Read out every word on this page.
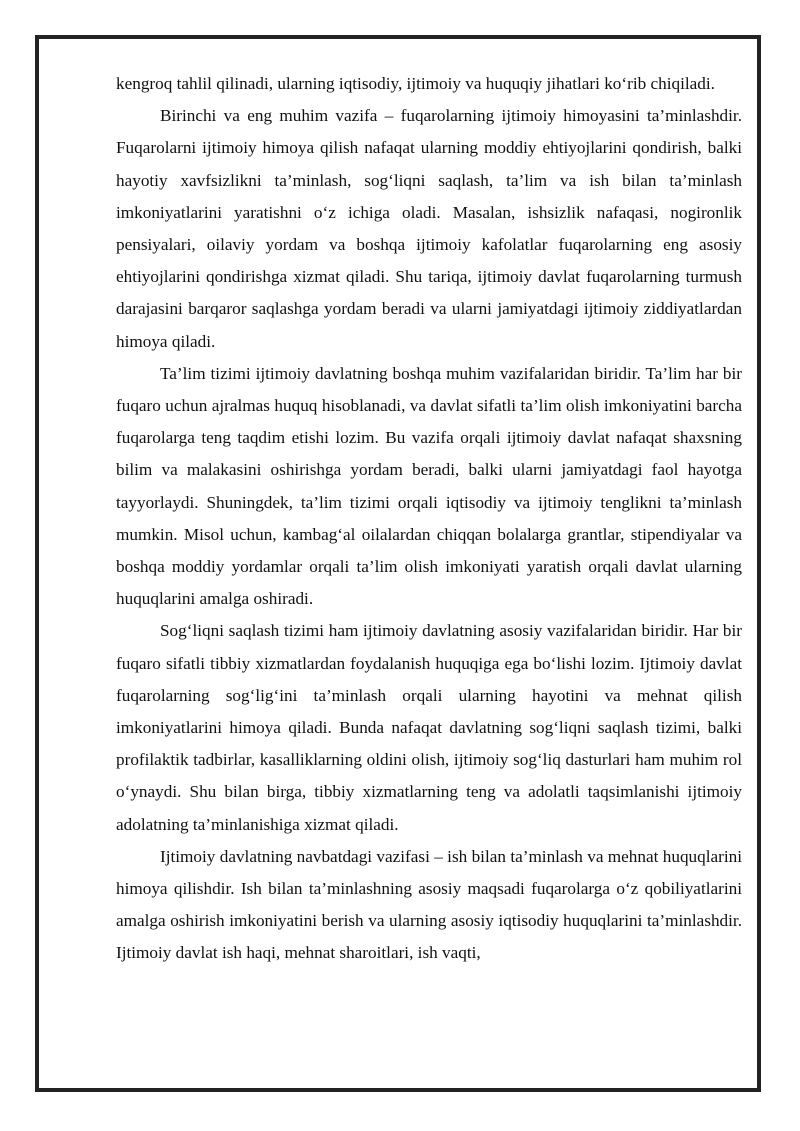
kengroq tahlil qilinadi, ularning iqtisodiy, ijtimoiy va huquqiy jihatlari ko‘rib chiqiladi.

Birinchi va eng muhim vazifa – fuqarolarning ijtimoiy himoyasini ta’minlashdir. Fuqarolarni ijtimoiy himoya qilish nafaqat ularning moddiy ehtiyojlarini qondirish, balki hayotiy xavfsizlikni ta’minlash, sog‘liqni saqlash, ta’lim va ish bilan ta’minlash imkoniyatlarini yaratishni o‘z ichiga oladi. Masalan, ishsizlik nafaqasi, nogironlik pensiyalari, oilaviy yordam va boshqa ijtimoiy kafolatlar fuqarolarning eng asosiy ehtiyojlarini qondirishga xizmat qiladi. Shu tariqa, ijtimoiy davlat fuqarolarning turmush darajasini barqaror saqlashga yordam beradi va ularni jamiyatdagi ijtimoiy ziddiyatlardan himoya qiladi.

Ta’lim tizimi ijtimoiy davlatning boshqa muhim vazifalaridan biridir. Ta’lim har bir fuqaro uchun ajralmas huquq hisoblanadi, va davlat sifatli ta’lim olish imkoniyatini barcha fuqarolarga teng taqdim etishi lozim. Bu vazifa orqali ijtimoiy davlat nafaqat shaxsning bilim va malakasini oshirishga yordam beradi, balki ularni jamiyatdagi faol hayotga tayyorlaydi. Shuningdek, ta’lim tizimi orqali iqtisodiy va ijtimoiy tenglikni ta’minlash mumkin. Misol uchun, kambag‘al oilalardan chiqqan bolalarga grantlar, stipendiyalar va boshqa moddiy yordamlar orqali ta’lim olish imkoniyati yaratish orqali davlat ularning huquqlarini amalga oshiradi.

Sog‘liqni saqlash tizimi ham ijtimoiy davlatning asosiy vazifalaridan biridir. Har bir fuqaro sifatli tibbiy xizmatlardan foydalanish huquqiga ega bo‘lishi lozim. Ijtimoiy davlat fuqarolarning sog‘lig‘ini ta’minlash orqali ularning hayotini va mehnat qilish imkoniyatlarini himoya qiladi. Bunda nafaqat davlatning sog‘liqni saqlash tizimi, balki profilaktik tadbirlar, kasalliklarning oldini olish, ijtimoiy sog‘liq dasturlari ham muhim rol o‘ynaydi. Shu bilan birga, tibbiy xizmatlarning teng va adolatli taqsimlanishi ijtimoiy adolatning ta’minlanishiga xizmat qiladi.

Ijtimoiy davlatning navbatdagi vazifasi – ish bilan ta’minlash va mehnat huquqlarini himoya qilishdir. Ish bilan ta’minlashning asosiy maqsadi fuqarolarga o‘z qobiliyatlarini amalga oshirish imkoniyatini berish va ularning asosiy iqtisodiy huquqlarini ta’minlashdir. Ijtimoiy davlat ish haqi, mehnat sharoitlari, ish vaqti,
